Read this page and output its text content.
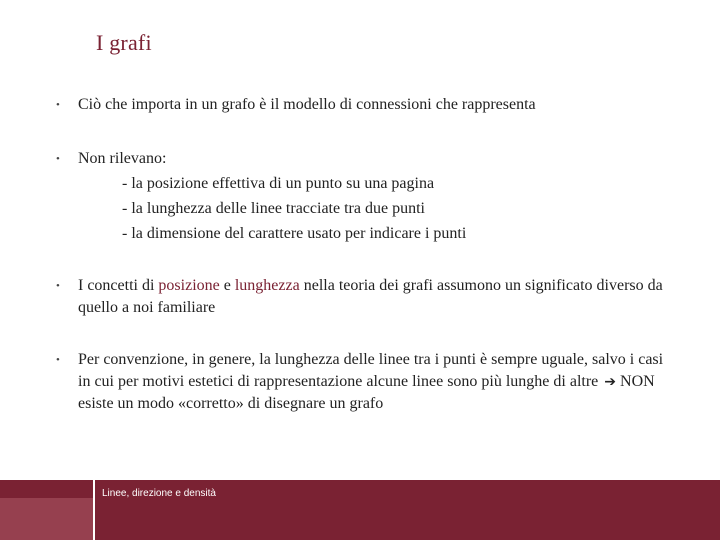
I grafi
• Ciò che importa in un grafo è il modello di connessioni che rappresenta
• Non rilevano:
- la posizione effettiva di un punto su una pagina
- la lunghezza delle linee tracciate tra due punti
- la dimensione del carattere usato per indicare i punti
• I concetti di posizione e lunghezza nella teoria dei grafi assumono un significato diverso da quello a noi familiare
• Per convenzione, in genere, la lunghezza delle linee tra i punti è sempre uguale, salvo i casi in cui per motivi estetici di rappresentazione alcune linee sono più lunghe di altre ➔ NON esiste un modo «corretto» di disegnare un grafo
Linee, direzione e densità
